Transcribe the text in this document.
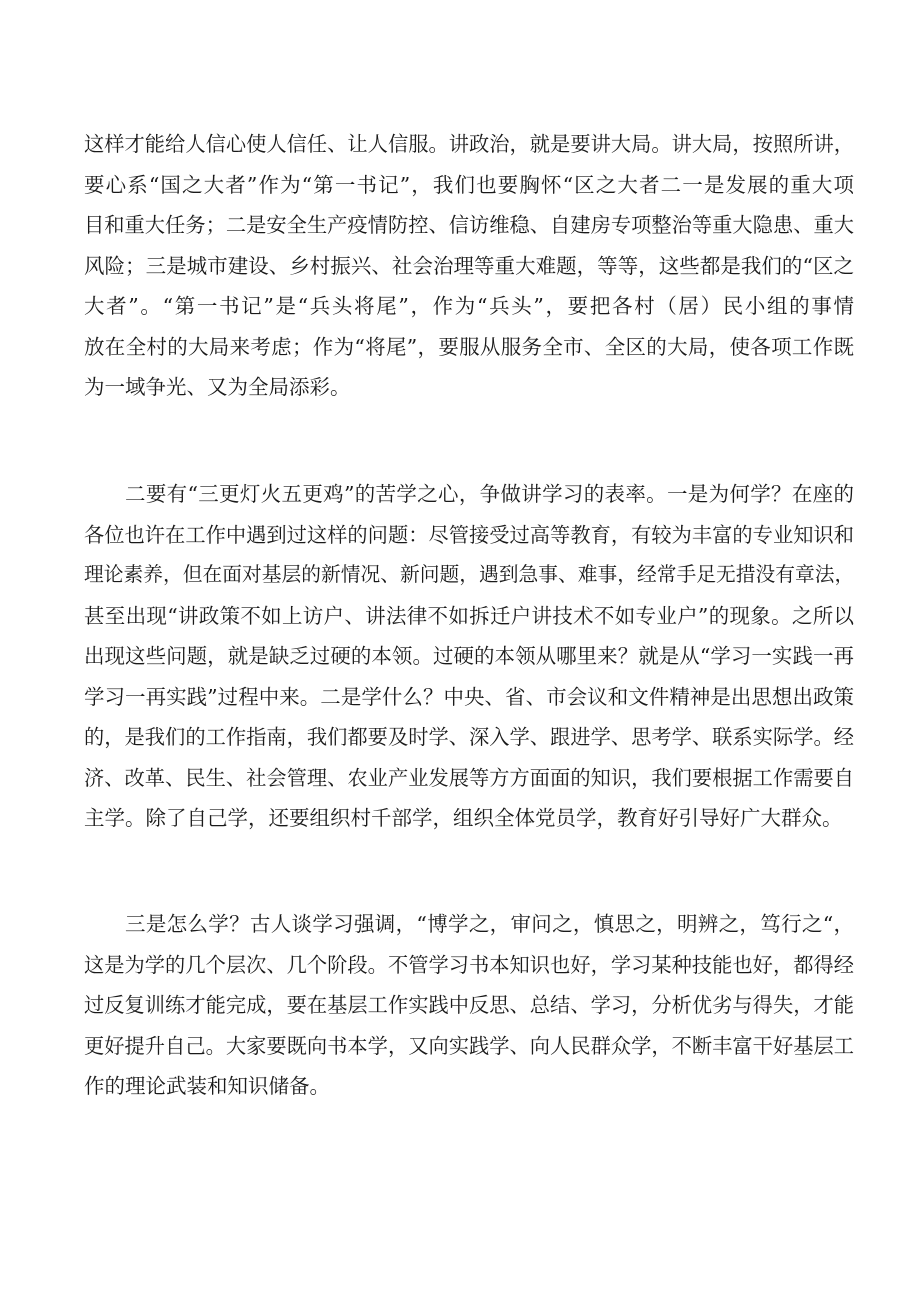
这样才能给人信心使人信任、让人信服。讲政治，就是要讲大局。讲大局，按照所讲，
要心系“国之大者”作为“第一书记”，我们也要胸怀“区之大者二一是发展的重大项
目和重大任务；二是安全生产疫情防控、信访维稳、自建房专项整治等重大隐患、重大
风险；三是城市建设、乡村振兴、社会治理等重大难题，等等，这些都是我们的“区之
大者”。“第一书记”是“兵头将尾”，作为“兵头”，要把各村（居）民小组的事情
放在全村的大局来考虑；作为“将尾”，要服从服务全市、全区的大局，使各项工作既
为一域争光、又为全局添彩。
二要有“三更灯火五更鸡”的苦学之心，争做讲学习的表率。一是为何学？在座的
各位也许在工作中遇到过这样的问题：尽管接受过高等教育，有较为丰富的专业知识和
理论素养，但在面对基层的新情况、新问题，遇到急事、难事，经常手足无措没有章法，
甚至出现“讲政策不如上访户、讲法律不如拆迁户讲技术不如专业户”的现象。之所以
出现这些问题，就是缺乏过硬的本领。过硬的本领从哪里来？就是从“学习一实践一再
学习一再实践”过程中来。二是学什么？中央、省、市会议和文件精神是出思想出政策
的，是我们的工作指南，我们都要及时学、深入学、跟进学、思考学、联系实际学。经
济、改革、民生、社会管理、农业产业发展等方方面面的知识，我们要根据工作需要自
主学。除了自己学，还要组织村千部学，组织全体党员学，教育好引导好广大群众。
三是怎么学？古人谈学习强调，“博学之，审问之，慎思之，明辨之，笃行之“，
这是为学的几个层次、几个阶段。不管学习书本知识也好，学习某种技能也好，都得经
过反复训练才能完成，要在基层工作实践中反思、总结、学习，分析优劣与得失，才能
更好提升自己。大家要既向书本学，又向实践学、向人民群众学，不断丰富干好基层工
作的理论武装和知识储备。
